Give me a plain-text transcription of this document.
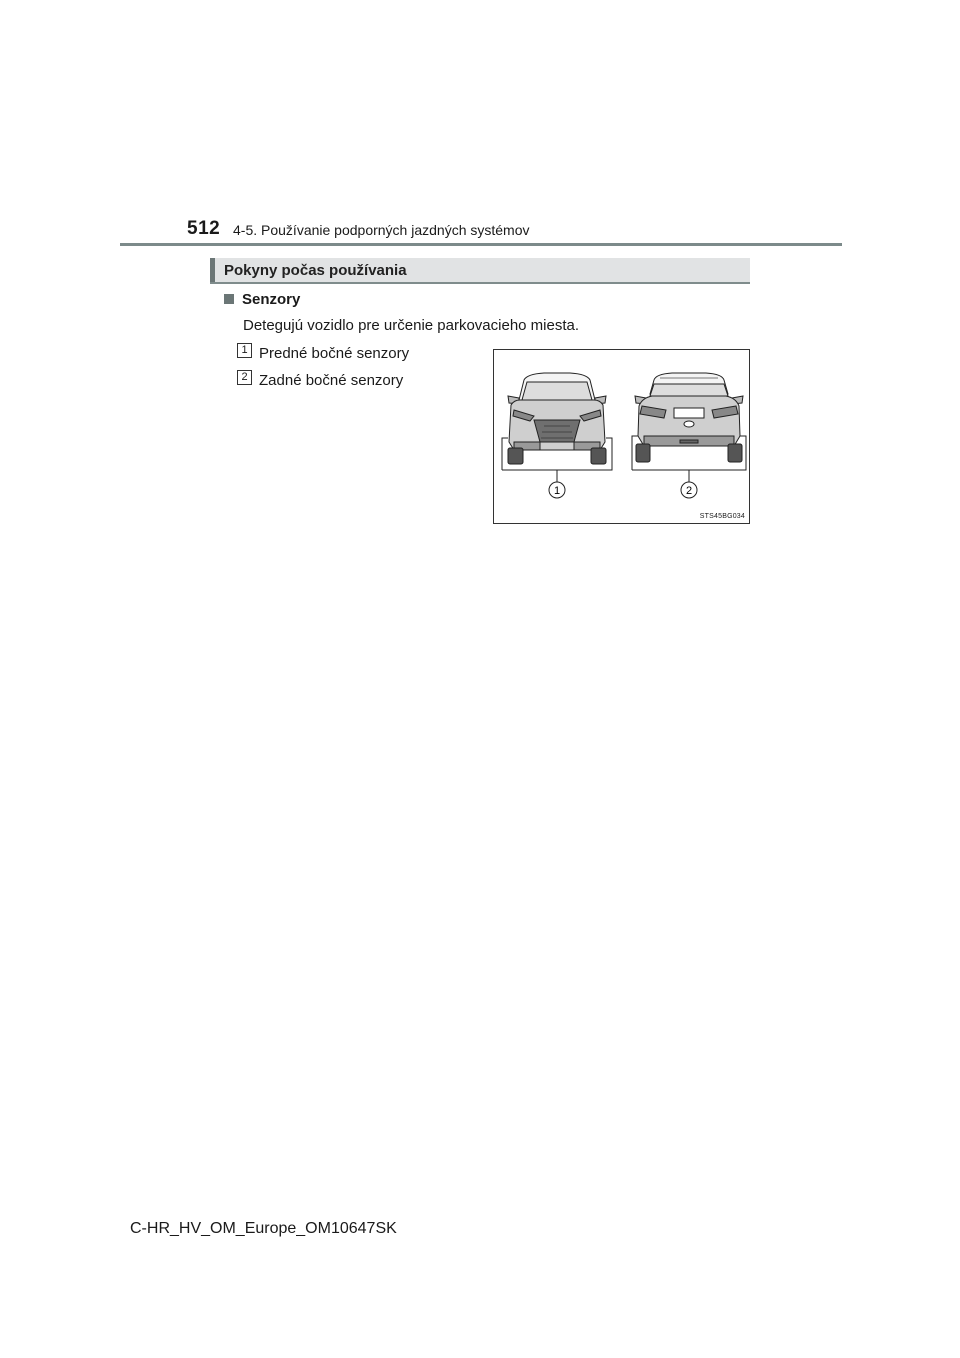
512 4-5. Používanie podporných jazdných systémov
Pokyny počas používania
Senzory
Detegujú vozidlo pre určenie parkovacieho miesta.
1 Predné bočné senzory
2 Zadné bočné senzory
1	2
STS45BG034
C-HR_HV_OM_Europe_OM10647SK
